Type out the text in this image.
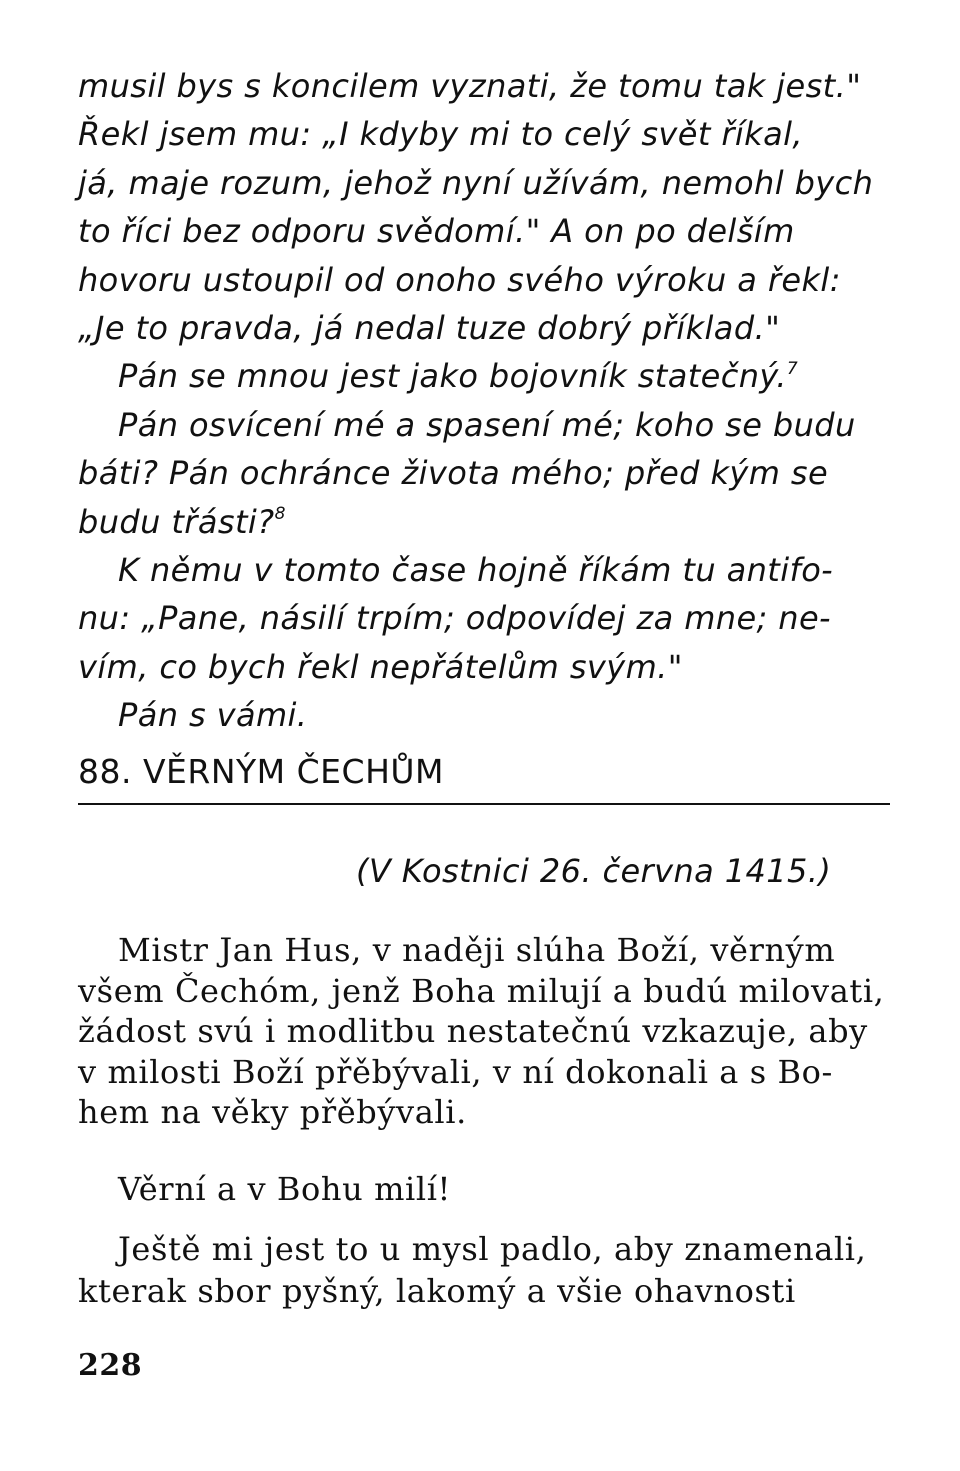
musil bys s koncilem vyznati, že tomu tak jest."
Řekl jsem mu: „I kdyby mi to celý svět říkal,
já, maje rozum, jehož nyní užívám, nemohl bych
to říci bez odporu svědomí." A on po delším
hovoru ustoupil od onoho svého výroku a řekl:
„Je to pravda, já nedal tuze dobrý příklad."
Pán se mnou jest jako bojovník statečný.$^7$
Pán osvícení mé a spasení mé; koho se budu
báti? Pán ochránce života mého; před kým se
budu třásti?$^8$
K němu v tomto čase hojně říkám tu antifo-
nu: „Pane, násilí trpím; odpovídej za mne; ne-
vím, co bych řekl nepřátelům svým."
Pán s vámi.

88. VĚRNÝM ČECHŮM
(V Kostnici 26. června 1415.)
Mistr Jan Hus, v naději slúha Boží, věrným
všem Čechóm, jenž Boha milují a budú milovati,
žádost svú i modlitbu nestatečnú vzkazuje, aby
v milosti Boží přěbývali, v ní dokonali a s Bo-
hem na věky přěbývali.
Věrní a v Bohu milí!
Ještě mi jest to u mysl padlo, aby znamenali,
kterak sbor pyšný, lakomý a všie ohavnosti
228
